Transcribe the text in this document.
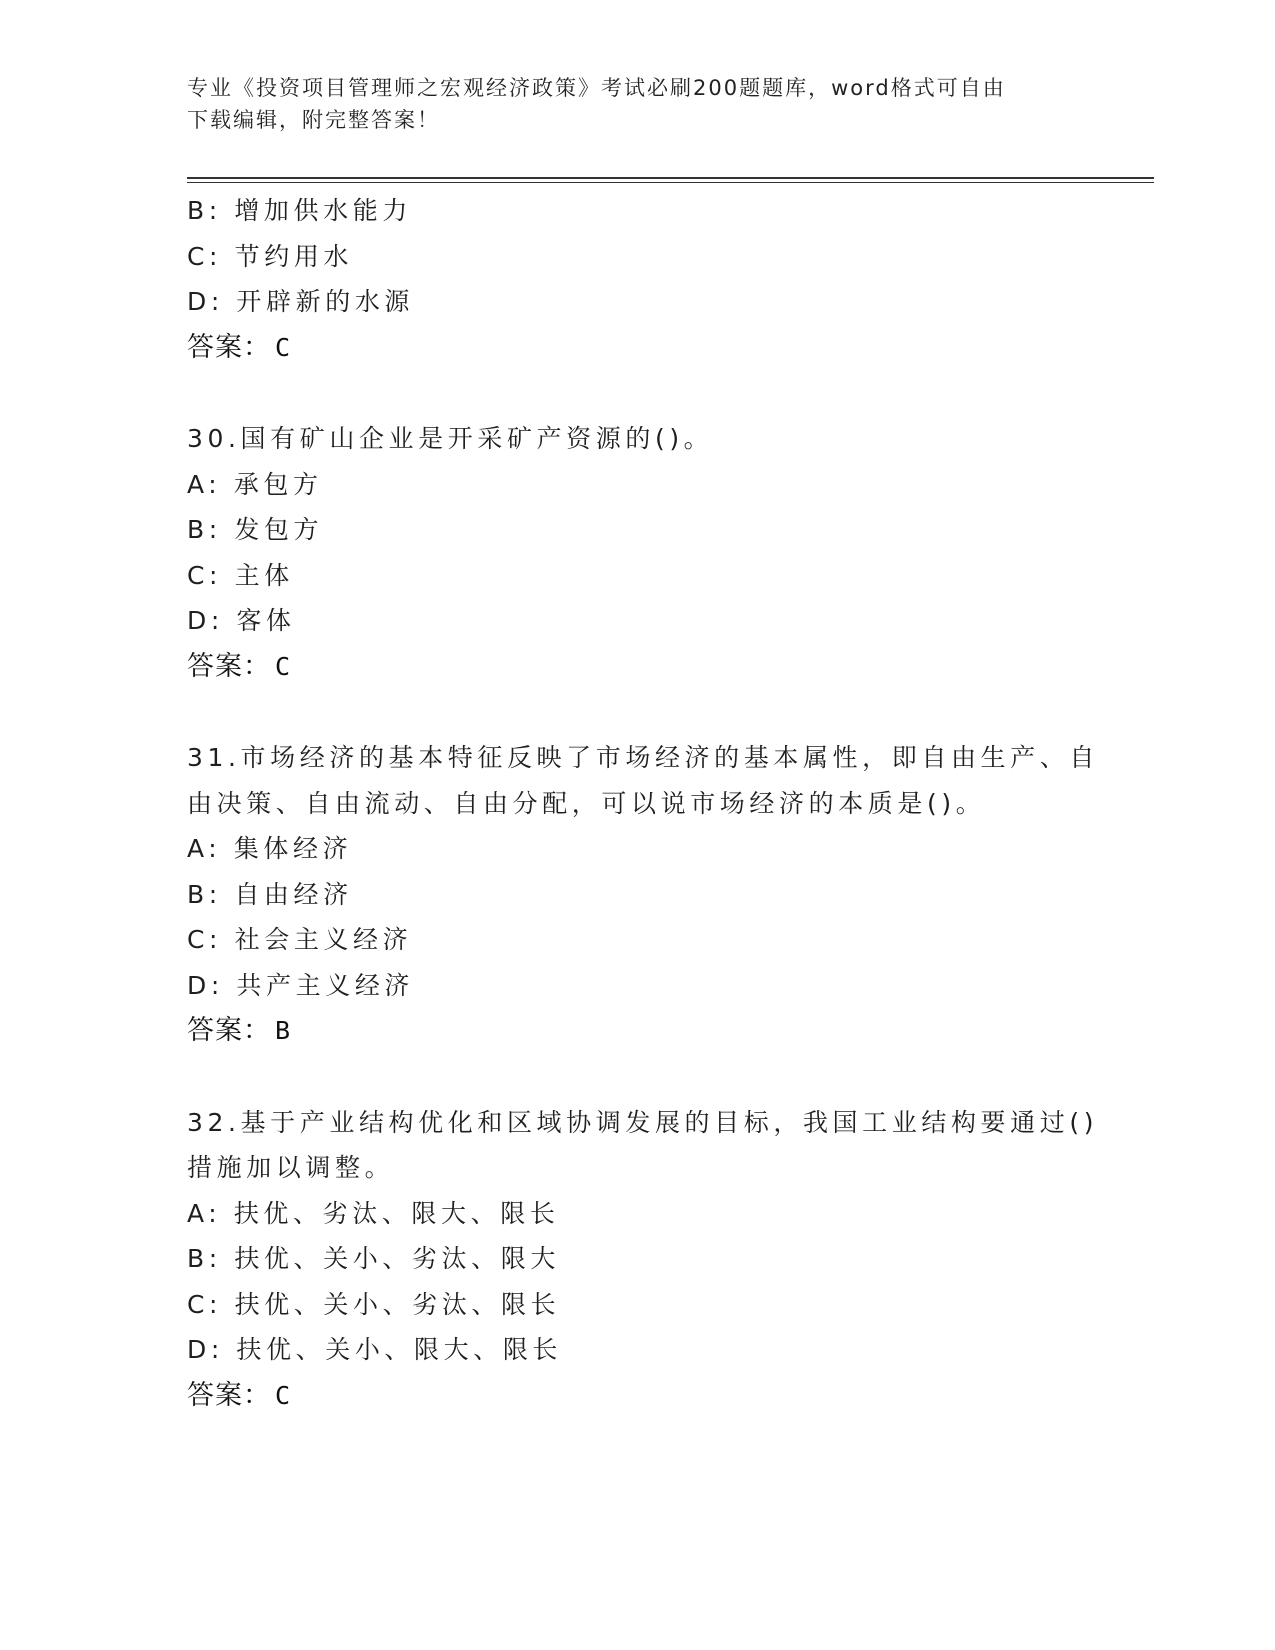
专业《投资项目管理师之宏观经济政策》考试必刷200题题库，word格式可自由
下载编辑，附完整答案！
B: 增加供水能力
C: 节约用水
D: 开辟新的水源
答案： C
30.国有矿山企业是开采矿产资源的()。
A: 承包方
B: 发包方
C: 主体
D: 客体
答案： C
31.市场经济的基本特征反映了市场经济的基本属性，即自由生产、自
由决策、自由流动、自由分配，可以说市场经济的本质是()。
A: 集体经济
B: 自由经济
C: 社会主义经济
D: 共产主义经济
答案： B
32.基于产业结构优化和区域协调发展的目标，我国工业结构要通过()
措施加以调整。
A: 扶优、劣汰、限大、限长
B: 扶优、关小、劣汰、限大
C: 扶优、关小、劣汰、限长
D: 扶优、关小、限大、限长
答案： C
